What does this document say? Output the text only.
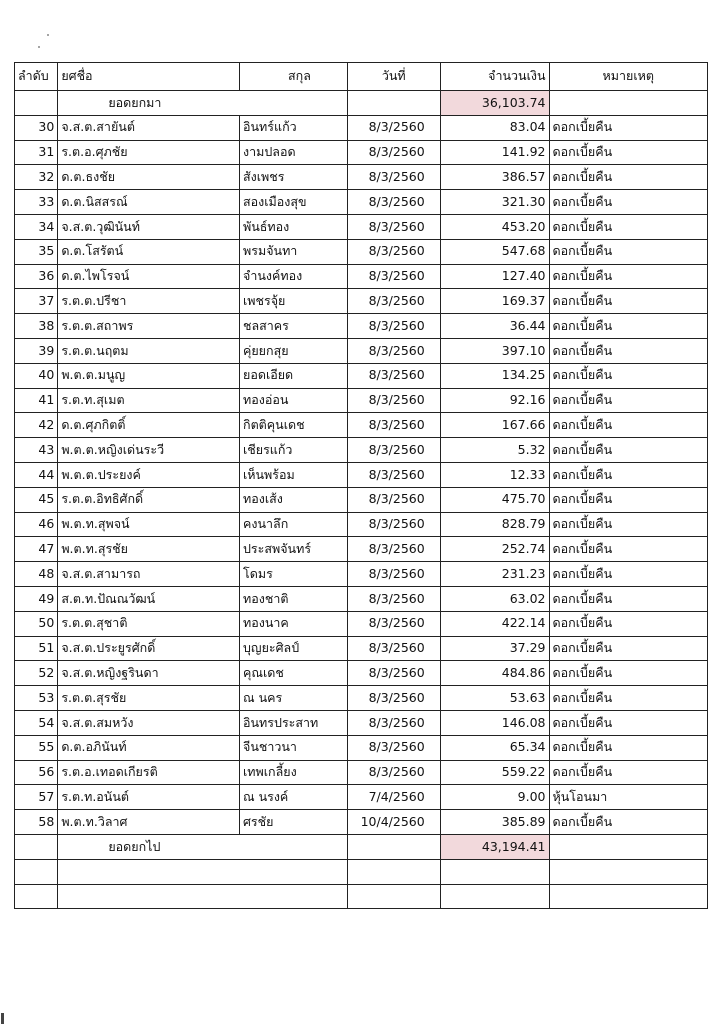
ลำดับ	ยศชื่อ	สกุล	วันที่	จำนวนเงิน	หมายเหตุ
	ยอดยกมา			36,103.74	
30	จ.ส.ต.สายันต์	อินทร์แก้ว	8/3/2560	83.04	ดอกเบี้ยคืน
31	ร.ต.อ.ศุภชัย	งามปลอด	8/3/2560	141.92	ดอกเบี้ยคืน
32	ด.ต.ธงชัย	สังเพชร	8/3/2560	386.57	ดอกเบี้ยคืน
33	ด.ต.นิสสรณ์	สองเมืองสุข	8/3/2560	321.30	ดอกเบี้ยคืน
34	จ.ส.ต.วุฒินันท์	พันธ์ทอง	8/3/2560	453.20	ดอกเบี้ยคืน
35	ด.ต.โสรัตน์	พรมจันทา	8/3/2560	547.68	ดอกเบี้ยคืน
36	ด.ต.ไพโรจน์	จำนงค์ทอง	8/3/2560	127.40	ดอกเบี้ยคืน
37	ร.ต.ต.ปรีชา	เพชรจุ้ย	8/3/2560	169.37	ดอกเบี้ยคืน
38	ร.ต.ต.สถาพร	ชลสาคร	8/3/2560	36.44	ดอกเบี้ยคืน
39	ร.ต.ต.นฤตม	คุ่ยยกสุย	8/3/2560	397.10	ดอกเบี้ยคืน
40	พ.ต.ต.มนูญ	ยอดเอียด	8/3/2560	134.25	ดอกเบี้ยคืน
41	ร.ต.ท.สุเมต	ทองอ่อน	8/3/2560	92.16	ดอกเบี้ยคืน
42	ด.ต.ศุภกิตติ์	กิตติคุนเดช	8/3/2560	167.66	ดอกเบี้ยคืน
43	พ.ต.ต.หญิงเด่นระวี	เชียรแก้ว	8/3/2560	5.32	ดอกเบี้ยคืน
44	พ.ต.ต.ประยงค์	เห็นพร้อม	8/3/2560	12.33	ดอกเบี้ยคืน
45	ร.ต.ต.อิทธิศักดิ์	ทองเส้ง	8/3/2560	475.70	ดอกเบี้ยคืน
46	พ.ต.ท.สุพจน์	คงนาลึก	8/3/2560	828.79	ดอกเบี้ยคืน
47	พ.ต.ท.สุรชัย	ประสพจันทร์	8/3/2560	252.74	ดอกเบี้ยคืน
48	จ.ส.ต.สามารถ	โดมร	8/3/2560	231.23	ดอกเบี้ยคืน
49	ส.ต.ท.ปัณณวัฒน์	ทองชาติ	8/3/2560	63.02	ดอกเบี้ยคืน
50	ร.ต.ต.สุชาติ	ทองนาค	8/3/2560	422.14	ดอกเบี้ยคืน
51	จ.ส.ต.ประยูรศักดิ์	บุญยะศิลป์	8/3/2560	37.29	ดอกเบี้ยคืน
52	จ.ส.ต.หญิงฐรินดา	คุณเดช	8/3/2560	484.86	ดอกเบี้ยคืน
53	ร.ต.ต.สุรชัย	ณ นคร	8/3/2560	53.63	ดอกเบี้ยคืน
54	จ.ส.ต.สมหวัง	อินทรประสาท	8/3/2560	146.08	ดอกเบี้ยคืน
55	ด.ต.อภินันท์	จีนชาวนา	8/3/2560	65.34	ดอกเบี้ยคืน
56	ร.ต.อ.เทอดเกียรติ	เทพเกลี้ยง	8/3/2560	559.22	ดอกเบี้ยคืน
57	ร.ต.ท.อนันต์	ณ นรงค์	7/4/2560	9.00	หุ้นโอนมา
58	พ.ต.ท.วิลาศ	ศรชัย	10/4/2560	385.89	ดอกเบี้ยคืน
	ยอดยกไป			43,194.41	
